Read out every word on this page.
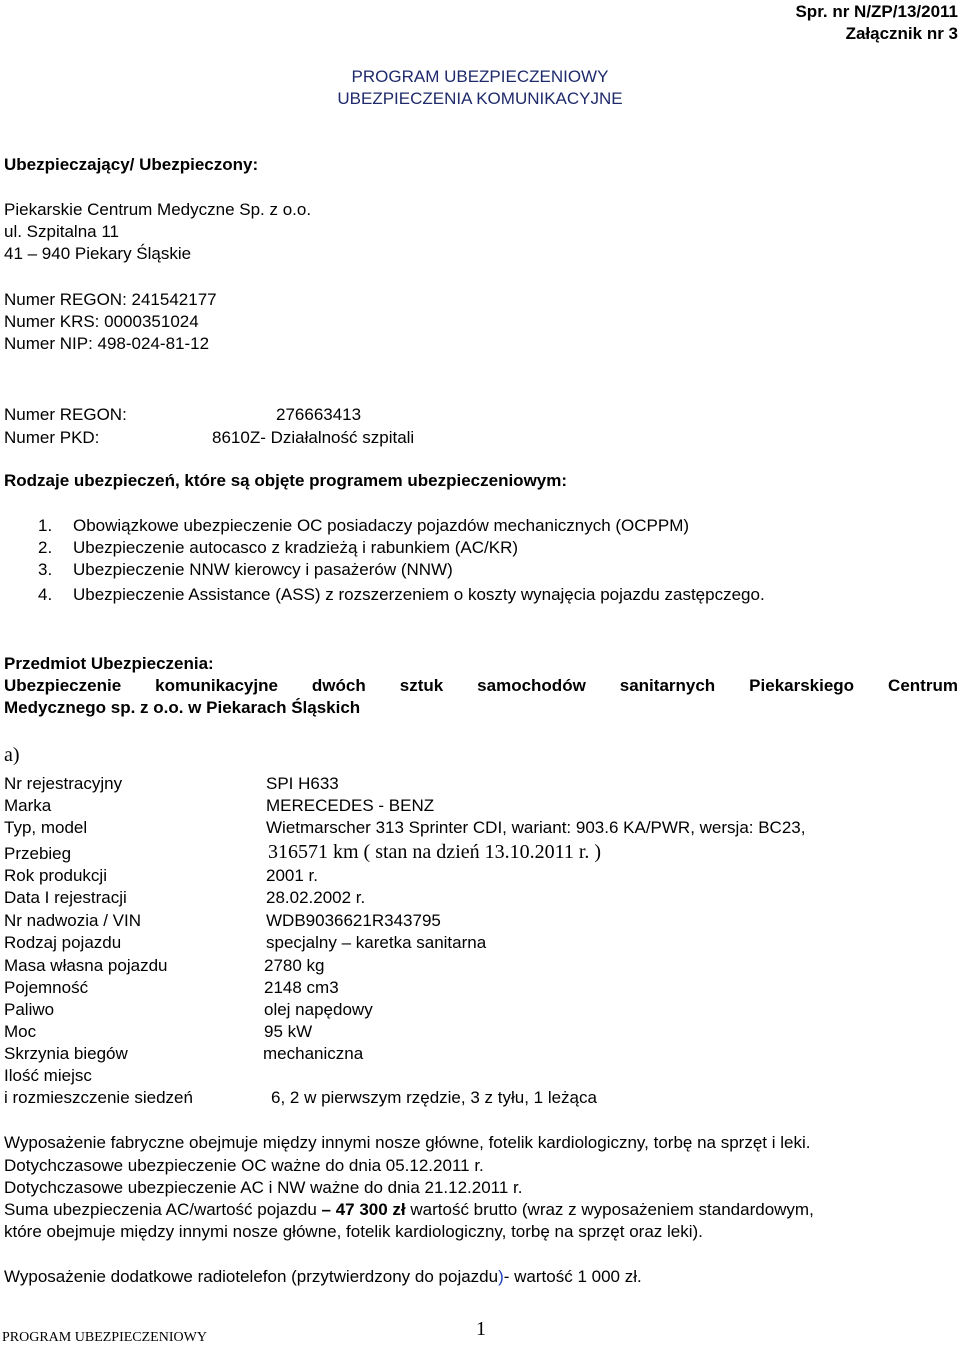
Spr. nr N/ZP/13/2011
Załącznik nr 3
PROGRAM UBEZPIECZENIOWY
UBEZPIECZENIA KOMUNIKACYJNE
Ubezpieczający/ Ubezpieczony:
Piekarskie Centrum Medyczne Sp. z o.o.
ul. Szpitalna 11
41 – 940 Piekary Śląskie
Numer REGON: 241542177
Numer KRS: 0000351024
Numer NIP: 498-024-81-12
Numer REGON:	276663413
Numer PKD:	8610Z- Działalność szpitali
Rodzaje ubezpieczeń, które są objęte programem ubezpieczeniowym:
1. Obowiązkowe ubezpieczenie OC posiadaczy pojazdów mechanicznych (OCPPM)
2. Ubezpieczenie autocasco z kradzieżą i rabunkiem (AC/KR)
3. Ubezpieczenie NNW kierowcy i pasażerów (NNW)
4. Ubezpieczenie Assistance (ASS) z rozszerzeniem o koszty wynajęcia pojazdu zastępczego.
Przedmiot Ubezpieczenia:
Ubezpieczenie komunikacyjne dwóch sztuk samochodów sanitarnych Piekarskiego Centrum
Medycznego sp. z o.o. w Piekarach Śląskich
a)
Nr rejestracyjny	SPI H633
Marka	MERECEDES - BENZ
Typ, model	Wietmarscher 313 Sprinter CDI, wariant: 903.6 KA/PWR, wersja: BC23,
Przebieg	316571 km ( stan na dzień 13.10.2011 r. )
Rok produkcji	2001 r.
Data I rejestracji	28.02.2002 r.
Nr nadwozia / VIN	WDB9036621R343795
Rodzaj pojazdu	specjalny – karetka sanitarna
Masa własna pojazdu	2780 kg
Pojemność	2148 cm3
Paliwo	olej napędowy
Moc	95 kW
Skrzynia biegów	mechaniczna
Ilość miejsc
i rozmieszczenie siedzeń	6, 2 w pierwszym rzędzie, 3 z tyłu, 1 leżąca
Wyposażenie fabryczne obejmuje między innymi nosze główne, fotelik kardiologiczny, torbę na sprzęt i leki.
Dotychczasowe ubezpieczenie OC ważne do dnia 05.12.2011 r.
Dotychczasowe ubezpieczenie AC i NW ważne do dnia 21.12.2011 r.
Suma ubezpieczenia AC/wartość pojazdu – 47 300 zł wartość brutto (wraz z wyposażeniem standardowym,
które obejmuje między innymi nosze główne, fotelik kardiologiczny, torbę na sprzęt oraz leki).
Wyposażenie dodatkowe radiotelefon (przytwierdzony do pojazdu)- wartość 1 000 zł.
PROGRAM UBEZPIECZENIOWY	1
